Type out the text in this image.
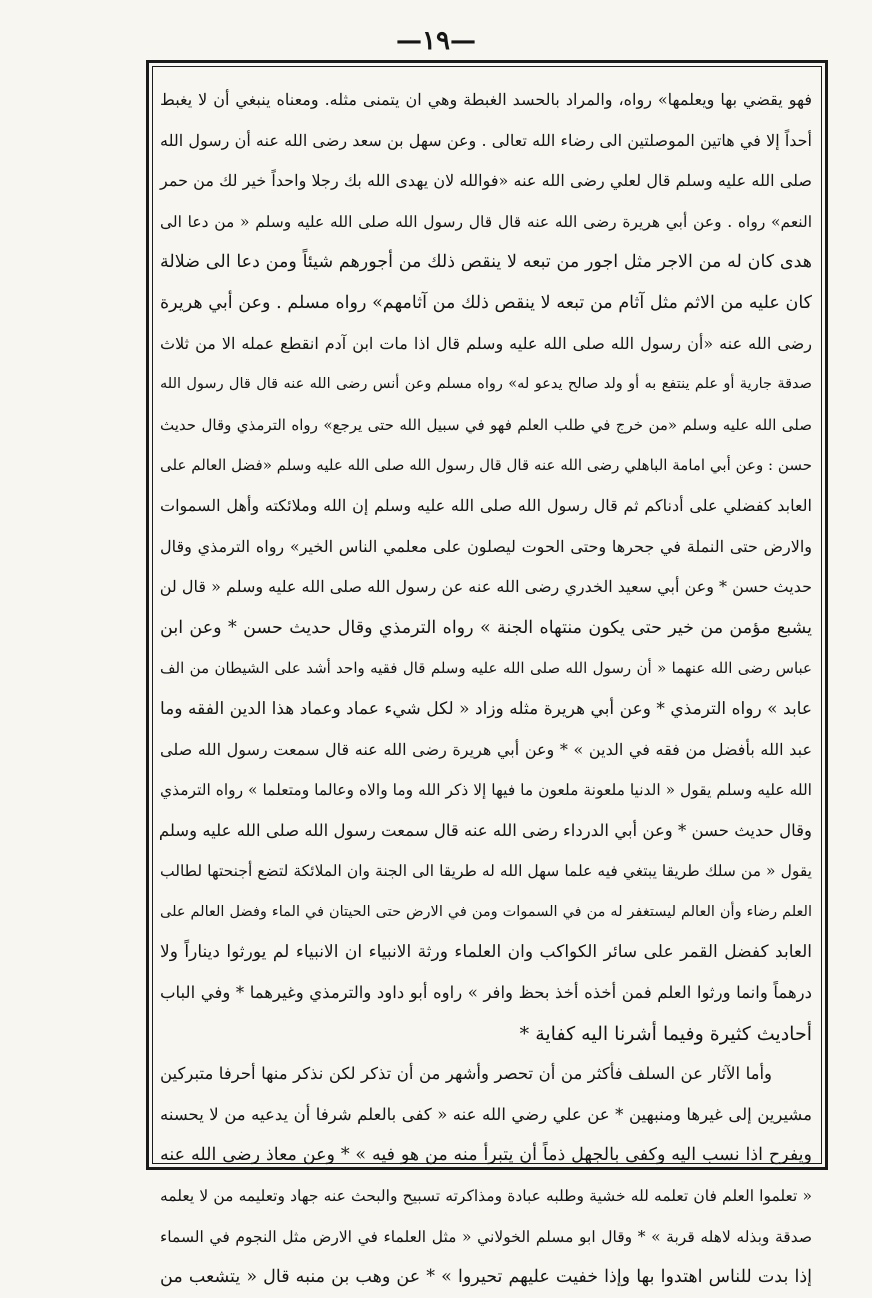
—١٩—
فهو يقضي بها ويعلمها» رواه، والمراد بالحسد الغبطة وهي ان يتمنى مثله. ومعناه ينبغي أن لا يغبط
أحداً إلا في هاتين الموصلتين الى رضاء الله تعالى . وعن سهل بن سعد رضى الله عنه أن رسول الله
صلى الله عليه وسلم قال لعلي رضى الله عنه «فوالله لان يهدى الله بك رجلا واحداً خير لك من حمر
النعم» رواه . وعن أبي هريرة رضى الله عنه قال قال رسول الله صلى الله عليه وسلم « من دعا الى
هدى كان له من الاجر مثل اجور من تبعه لا ينقص ذلك من أجورهم شيئاً ومن دعا الى ضلالة
كان عليه من الاثم مثل آثام من تبعه لا ينقص ذلك من آثامهم» رواه مسلم . وعن أبي هريرة
رضى الله عنه «أن رسول الله صلى الله عليه وسلم قال اذا مات ابن آدم انقطع عمله الا من ثلاث
صدقة جارية أو علم ينتفع به أو ولد صالح يدعو له» رواه مسلم وعن أنس رضى الله عنه قال قال رسول الله
صلى الله عليه وسلم «من خرج في طلب العلم فهو في سبيل الله حتى يرجع» رواه الترمذي وقال حديث
حسن : وعن أبي امامة الباهلي رضى الله عنه قال قال رسول الله صلى الله عليه وسلم «فضل العالم على
العابد كفضلي على أدناكم ثم قال رسول الله صلى الله عليه وسلم إن الله وملائكته وأهل السموات
والارض حتى النملة في جحرها وحتى الحوت ليصلون على معلمي الناس الخير» رواه الترمذي وقال
حديث حسن * وعن أبي سعيد الخدري رضى الله عنه عن رسول الله صلى الله عليه وسلم « قال لن
يشبع مؤمن من خير حتى يكون منتهاه الجنة » رواه الترمذي وقال حديث حسن * وعن ابن
عباس رضى الله عنهما « أن رسول الله صلى الله عليه وسلم قال فقيه واحد أشد على الشيطان من الف
عابد » رواه الترمذي * وعن أبي هريرة مثله وزاد « لكل شيء عماد وعماد هذا الدين الفقه وما
عبد الله بأفضل من فقه في الدين » * وعن أبي هريرة رضى الله عنه قال سمعت رسول الله صلى
الله عليه وسلم يقول « الدنيا ملعونة ملعون ما فيها إلا ذكر الله وما والاه وعالما ومتعلما » رواه الترمذي
وقال حديث حسن * وعن أبي الدرداء رضى الله عنه قال سمعت رسول الله صلى الله عليه وسلم
يقول « من سلك طريقا يبتغي فيه علما سهل الله له طريقا الى الجنة وان الملائكة لتضع أجنحتها لطالب
العلم رضاء وأن العالم ليستغفر له من في السموات ومن في الارض حتى الحيتان في الماء وفضل العالم على
العابد كفضل القمر على سائر الكواكب وان العلماء ورثة الانبياء ان الانبياء لم يورثوا ديناراً ولا
درهماً وانما ورثوا العلم فمن أخذه أخذ بحظ وافر » راوه أبو داود والترمذي وغيرهما * وفي الباب
أحاديث كثيرة وفيما أشرنا اليه كفاية *
وأما الآثار عن السلف فأكثر من أن تحصر وأشهر من أن تذكر لكن نذكر منها أحرفا متبركين
مشيرين إلى غيرها ومنبهين * عن علي رضي الله عنه « كفى بالعلم شرفا أن يدعيه من لا يحسنه
ويفرح اذا نسب اليه وكفى بالجهل ذماً أن يتبرأ منه من هو فيه » * وعن معاذ رضى الله عنه
« تعلموا العلم فان تعلمه لله خشية وطلبه عبادة ومذاكرته تسبيح والبحث عنه جهاد وتعليمه من لا يعلمه
صدقة وبذله لاهله قربة » * وقال ابو مسلم الخولاني « مثل العلماء في الارض مثل النجوم في السماء
إذا بدت للناس اهتدوا بها وإذا خفيت عليهم تحيروا » * عن وهب بن منبه قال « يتشعب من
